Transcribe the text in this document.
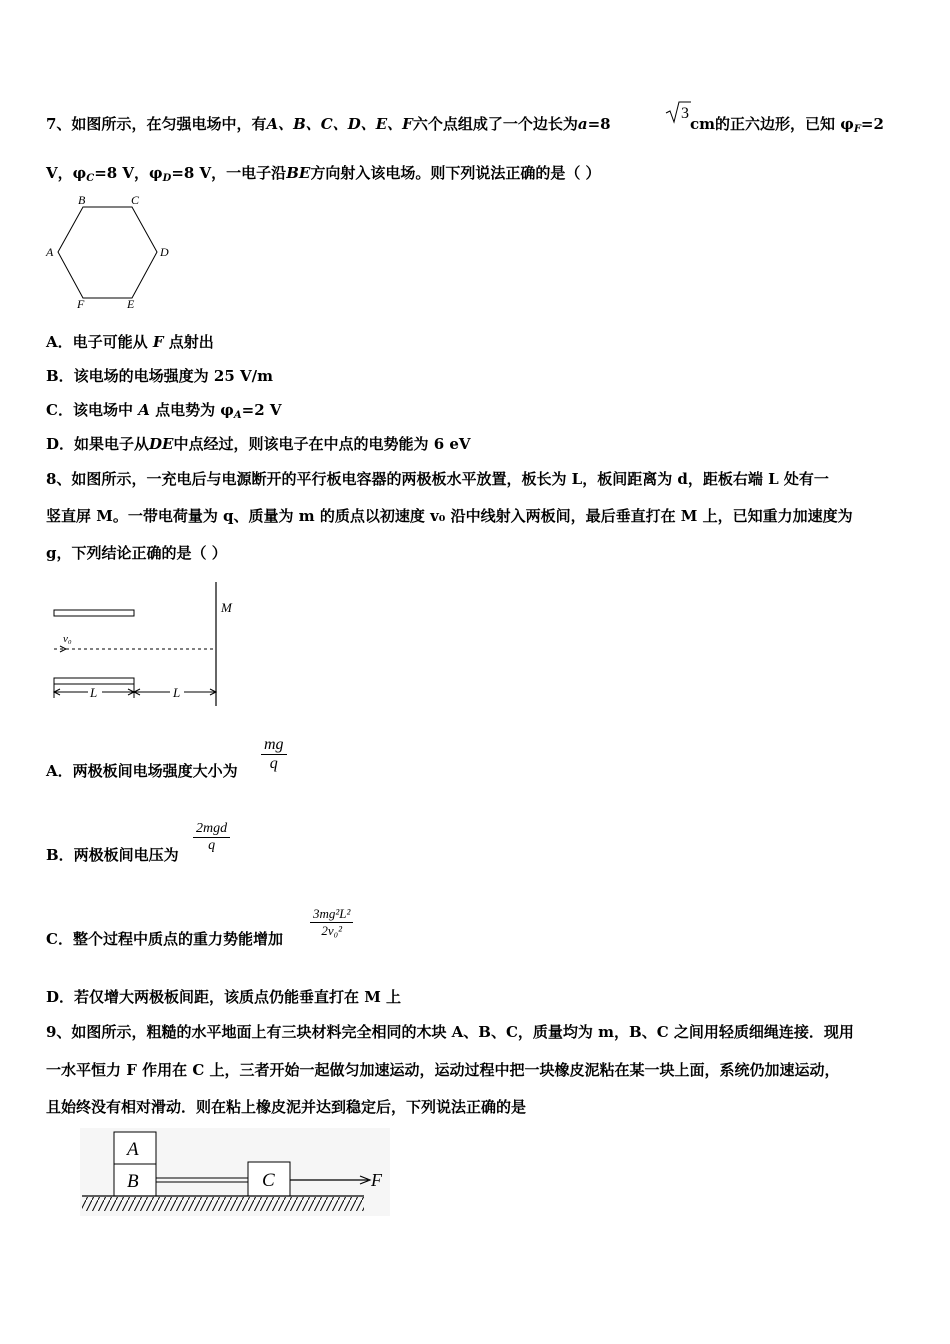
7、如图所示，在匀强电场中，有A、B、C、D、E、F六个点组成了一个边长为a=8
3
cm的正六边形，已知 $\varphi_F=2$
V，$\varphi_C=8$ V，$\varphi_D=8$ V，一电子沿BE方向射入该电场。则下列说法正确的是（ ）
B	C
A	D
F	E
A．电子可能从 F 点射出
B．该电场的电场强度为 25 V/m
C．该电场中 A 点电势为 $\varphi_A=2$ V
D．如果电子从DE中点经过，则该电子在中点的电势能为 6 eV
8、如图所示，一充电后与电源断开的平行板电容器的两极板水平放置，板长为 L，板间距离为 d，距板右端 L 处有一
竖直屏 M。一带电荷量为 q、质量为 m 的质点以初速度 v₀ 沿中线射入两板间，最后垂直打在 M 上，已知重力加速度为
g，下列结论正确的是（ ）
M
v₀
L	L
A．两极板间电场强度大小为
mg
q
B．两极板间电压为
2mgd
q
C．整个过程中质点的重力势能增加
3mg²L²
2v₀²
D．若仅增大两极板间距，该质点仍能垂直打在 M 上
9、如图所示，粗糙的水平地面上有三块材料完全相同的木块 A、B、C，质量均为 m，B、C 之间用轻质细绳连接．现用
一水平恒力 F 作用在 C 上，三者开始一起做匀加速运动，运动过程中把一块橡皮泥粘在某一块上面，系统仍加速运动，
且始终没有相对滑动．则在粘上橡皮泥并达到稳定后，下列说法正确的是
A
B	C	F
